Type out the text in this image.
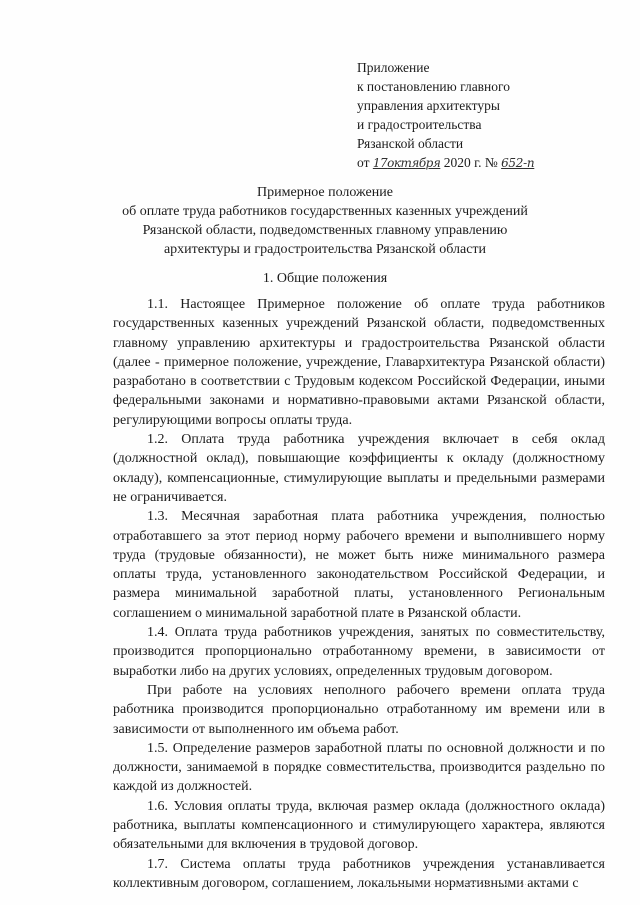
Приложение
к постановлению главного
управления архитектуры
и градостроительства
Рязанской области
от 17октября 2020 г. № 652-п
Примерное положение
об оплате труда работников государственных казенных учреждений
Рязанской области, подведомственных главному управлению
архитектуры и градостроительства Рязанской области
1. Общие положения

1.1. Настоящее Примерное положение об оплате труда работников государственных казенных учреждений Рязанской области, подведомственных главному управлению архитектуры и градостроительства Рязанской области (далее - примерное положение, учреждение, Главархитектура Рязанской области) разработано в соответствии с Трудовым кодексом Российской Федерации, иными федеральными законами и нормативно-правовыми актами Рязанской области, регулирующими вопросы оплаты труда.

1.2. Оплата труда работника учреждения включает в себя оклад (должностной оклад), повышающие коэффициенты к окладу (должностному окладу), компенсационные, стимулирующие выплаты и предельными размерами не ограничивается.

1.3. Месячная заработная плата работника учреждения, полностью отработавшего за этот период норму рабочего времени и выполнившего норму труда (трудовые обязанности), не может быть ниже минимального размера оплаты труда, установленного законодательством Российской Федерации, и размера минимальной заработной платы, установленного Региональным соглашением о минимальной заработной плате в Рязанской области.

1.4. Оплата труда работников учреждения, занятых по совместительству, производится пропорционально отработанному времени, в зависимости от выработки либо на других условиях, определенных трудовым договором.

При работе на условиях неполного рабочего времени оплата труда работника производится пропорционально отработанному им времени или в зависимости от выполненного им объема работ.

1.5. Определение размеров заработной платы по основной должности и по должности, занимаемой в порядке совместительства, производится раздельно по каждой из должностей.

1.6. Условия оплаты труда, включая размер оклада (должностного оклада) работника, выплаты компенсационного и стимулирующего характера, являются обязательными для включения в трудовой договор.

1.7. Система оплаты труда работников учреждения устанавливается коллективным договором, соглашением, локальными нормативными актами с
